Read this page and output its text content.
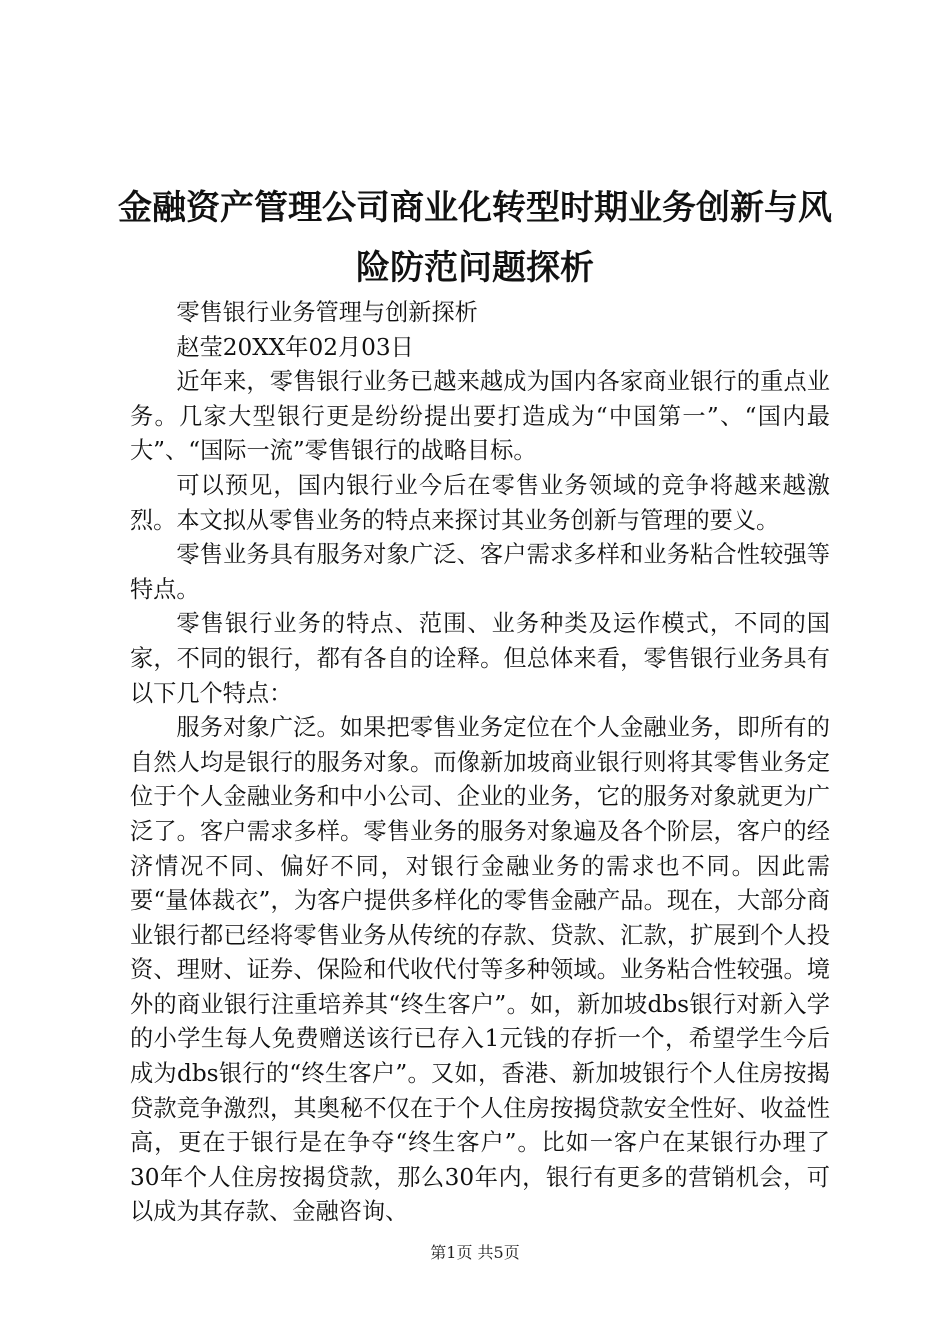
金融资产管理公司商业化转型时期业务创新与风险防范问题探析

零售银行业务管理与创新探析

赵莹20XX年02月03日

近年来，零售银行业务已越来越成为国内各家商业银行的重点业务。几家大型银行更是纷纷提出要打造成为“中国第一”、“国内最大”、“国际一流”零售银行的战略目标。

可以预见，国内银行业今后在零售业务领域的竞争将越来越激烈。本文拟从零售业务的特点来探讨其业务创新与管理的要义。

零售业务具有服务对象广泛、客户需求多样和业务粘合性较强等特点。

零售银行业务的特点、范围、业务种类及运作模式，不同的国家，不同的银行，都有各自的诠释。但总体来看，零售银行业务具有以下几个特点：

服务对象广泛。如果把零售业务定位在个人金融业务，即所有的自然人均是银行的服务对象。而像新加坡商业银行则将其零售业务定位于个人金融业务和中小公司、企业的业务，它的服务对象就更为广泛了。客户需求多样。零售业务的服务对象遍及各个阶层，客户的经济情况不同、偏好不同，对银行金融业务的需求也不同。因此需要“量体裁衣”，为客户提供多样化的零售金融产品。现在，大部分商业银行都已经将零售业务从传统的存款、贷款、汇款，扩展到个人投资、理财、证券、保险和代收代付等多种领域。业务粘合性较强。境外的商业银行注重培养其“终生客户”。如，新加坡dbs银行对新入学的小学生每人免费赠送该行已存入1元钱的存折一个，希望学生今后成为dbs银行的“终生客户”。又如，香港、新加坡银行个人住房按揭贷款竞争激烈，其奥秘不仅在于个人住房按揭贷款安全性好、收益性高，更在于银行是在争夺“终生客户”。比如一客户在某银行办理了30年个人住房按揭贷款，那么30年内，银行有更多的营销机会，可以成为其存款、金融咨询、

第1页 共5页
